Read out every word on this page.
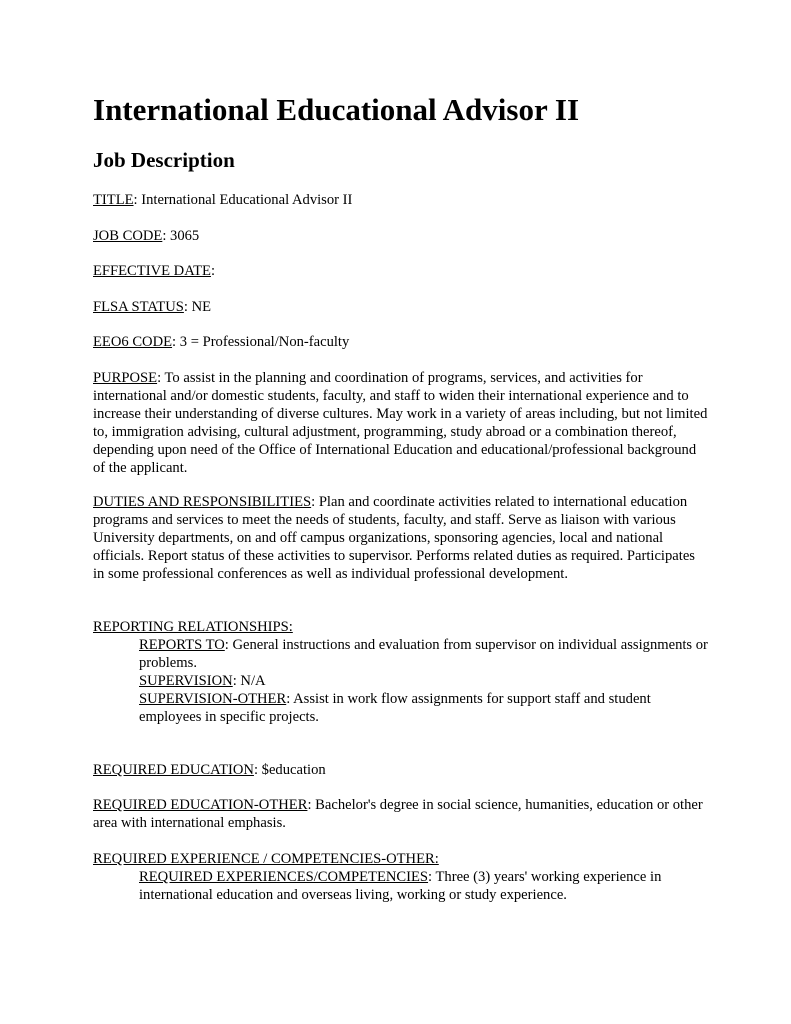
International Educational Advisor II
Job Description

TITLE: International Educational Advisor II

JOB CODE: 3065

EFFECTIVE DATE:

FLSA STATUS: NE

EEO6 CODE: 3 = Professional/Non-faculty

PURPOSE: To assist in the planning and coordination of programs, services, and activities for international and/or domestic students, faculty, and staff to widen their international experience and to increase their understanding of diverse cultures. May work in a variety of areas including, but not limited to, immigration advising, cultural adjustment, programming, study abroad or a combination thereof, depending upon need of the Office of International Education and educational/professional background of the applicant.

DUTIES AND RESPONSIBILITIES: Plan and coordinate activities related to international education programs and services to meet the needs of students, faculty, and staff. Serve as liaison with various University departments, on and off campus organizations, sponsoring agencies, local and national officials. Report status of these activities to supervisor. Performs related duties as required. Participates in some professional conferences as well as individual professional development.

REPORTING RELATIONSHIPS:
REPORTS TO: General instructions and evaluation from supervisor on individual assignments or problems.
SUPERVISION: N/A
SUPERVISION-OTHER: Assist in work flow assignments for support staff and student employees in specific projects.

REQUIRED EDUCATION: $education

REQUIRED EDUCATION-OTHER: Bachelor's degree in social science, humanities, education or other area with international emphasis.

REQUIRED EXPERIENCE / COMPETENCIES-OTHER:
REQUIRED EXPERIENCES/COMPETENCIES: Three (3) years' working experience in international education and overseas living, working or study experience.
